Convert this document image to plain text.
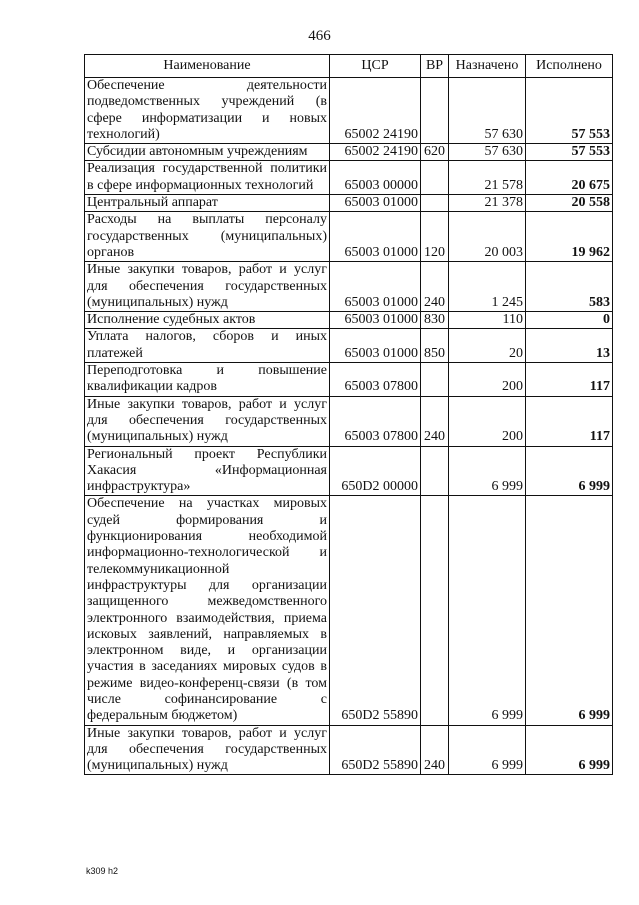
466
Наименование	ЦСР	ВР	Назначено	Исполнено
Обеспечение деятельности подведомственных учреждений (в сфере информатизации и новых технологий)	65002 24190		57 630	57 553
Субсидии автономным учреждениям	65002 24190	620	57 630	57 553
Реализация государственной политики в сфере информационных технологий	65003 00000		21 578	20 675
Центральный аппарат	65003 01000		21 378	20 558
Расходы на выплаты персоналу государственных (муниципальных) органов	65003 01000	120	20 003	19 962
Иные закупки товаров, работ и услуг для обеспечения государственных (муниципальных) нужд	65003 01000	240	1 245	583
Исполнение судебных актов	65003 01000	830	110	0
Уплата налогов, сборов и иных платежей	65003 01000	850	20	13
Переподготовка и повышение квалификации кадров	65003 07800		200	117
Иные закупки товаров, работ и услуг для обеспечения государственных (муниципальных) нужд	65003 07800	240	200	117
Региональный проект Республики Хакасия «Информационная инфраструктура»	650D2 00000		6 999	6 999
Обеспечение на участках мировых судей формирования и функционирования необходимой информационно-технологической и телекоммуникационной инфраструктуры для организации защищенного межведомственного электронного взаимодействия, приема исковых заявлений, направляемых в электронном виде, и организации участия в заседаниях мировых судов в режиме видео-конференц-связи (в том числе софинансирование с федеральным бюджетом)	650D2 55890		6 999	6 999
Иные закупки товаров, работ и услуг для обеспечения государственных (муниципальных) нужд	650D2 55890	240	6 999	6 999
k309 h2
